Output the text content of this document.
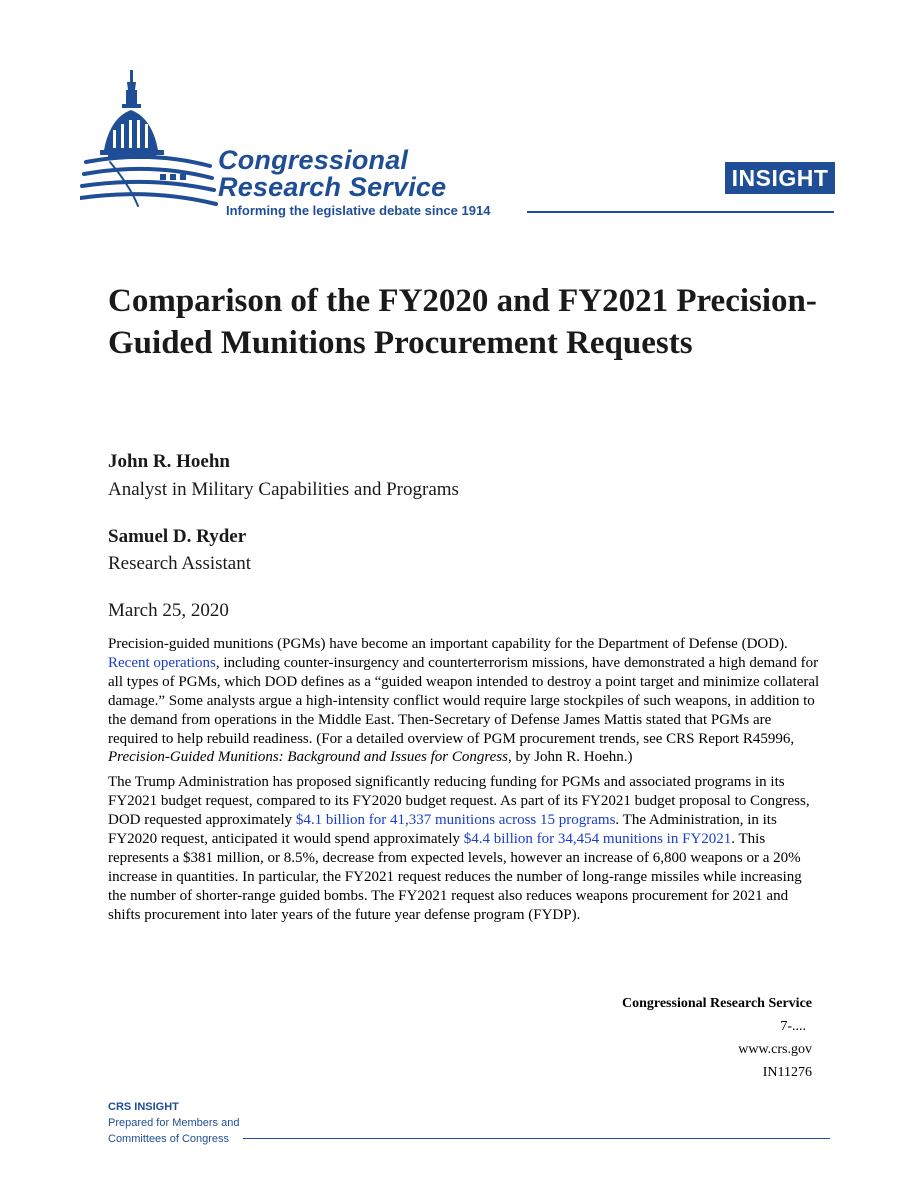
Congressional
Research Service
Informing the legislative debate since 1914
INSIGHT
Comparison of the FY2020 and FY2021 Precision-Guided Munitions Procurement Requests
John R. Hoehn
Analyst in Military Capabilities and Programs
Samuel D. Ryder
Research Assistant
March 25, 2020

Precision-guided munitions (PGMs) have become an important capability for the Department of Defense (DOD). Recent operations, including counter-insurgency and counterterrorism missions, have demonstrated a high demand for all types of PGMs, which DOD defines as a “guided weapon intended to destroy a point target and minimize collateral damage.” Some analysts argue a high-intensity conflict would require large stockpiles of such weapons, in addition to the demand from operations in the Middle East. Then-Secretary of Defense James Mattis stated that PGMs are required to help rebuild readiness. (For a detailed overview of PGM procurement trends, see CRS Report R45996, Precision-Guided Munitions: Background and Issues for Congress, by John R. Hoehn.)

The Trump Administration has proposed significantly reducing funding for PGMs and associated programs in its FY2021 budget request, compared to its FY2020 budget request. As part of its FY2021 budget proposal to Congress, DOD requested approximately $4.1 billion for 41,337 munitions across 15 programs. The Administration, in its FY2020 request, anticipated it would spend approximately $4.4 billion for 34,454 munitions in FY2021. This represents a $381 million, or 8.5%, decrease from expected levels, however an increase of 6,800 weapons or a 20% increase in quantities. In particular, the FY2021 request reduces the number of long-range missiles while increasing the number of shorter-range guided bombs. The FY2021 request also reduces weapons procurement for 2021 and shifts procurement into later years of the future year defense program (FYDP).

Congressional Research Service
7-....
www.crs.gov
IN11276
CRS INSIGHT
Prepared for Members and
Committees of Congress
